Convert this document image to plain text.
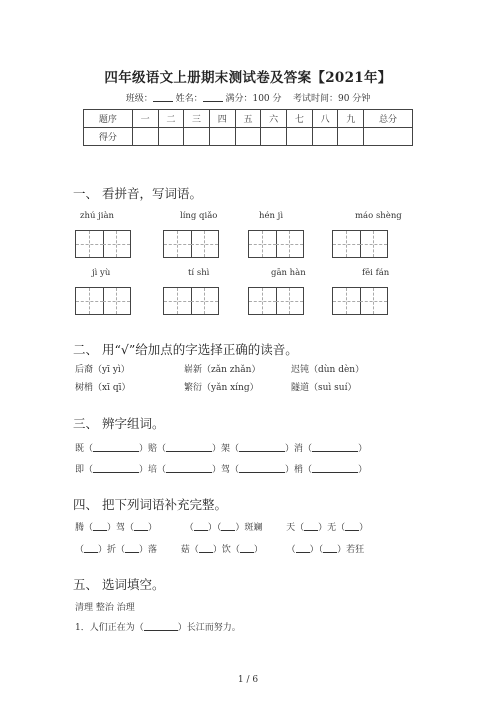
四年级语文上册期末测试卷及答案【2021年】
班级：	姓名：	满分：100 分 考试时间：90 分钟
题序	一	二	三	四	五	六	七	八	九	总分
得分										
一、 看拼音，写词语。
zhú jiàn	líng qiǎo	hén jì	máo shèng
jì yù	tí shì	gān hàn	fēi fán
二、 用“√”给加点的字选择正确的读音。
后裔（yī yì）	崭新（zǎn zhǎn）	迟钝（dùn dèn）
树梢（xī qī）	繁衍（yǎn xíng）	隧道（suì suí）
三、 辨字组词。
既（	）赔（	）架（	）消（	）
即（	）培（	）驾（	）梢（	）
四、 把下列词语补充完整。
腾（ ）驾（ ）	（ ）（ ）斑斓	天（ ）无（ ）
（ ）折（ ）落	菇（ ）饮（ ）	（ ）（ ）若狂
五、 选词填空。
清理 整治 治理
1．人们正在为（	）长江而努力。
1 / 6
